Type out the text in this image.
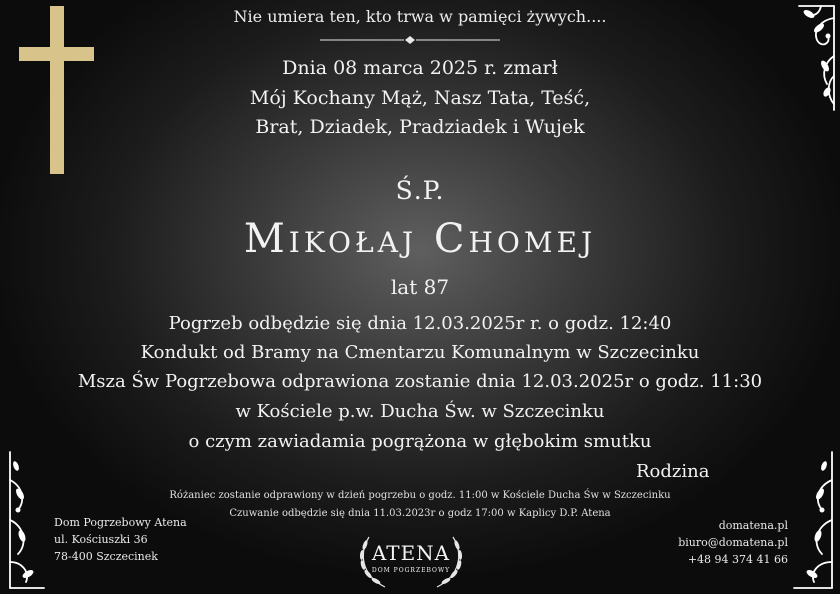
Nie umiera ten, kto trwa w pamięci żywych....
Dnia 08 marca 2025 r. zmarł
Mój Kochany Mąż, Nasz Tata, Teść,
Brat, Dziadek, Pradziadek i Wujek
Ś.P.
Mikołaj Chomej
lat 87
Pogrzeb odbędzie się dnia 12.03.2025r r. o godz. 12:40
Kondukt od Bramy na Cmentarzu Komunalnym w Szczecinku
Msza Św Pogrzebowa odprawiona zostanie dnia 12.03.2025r o godz. 11:30
w Kościele p.w. Ducha Św. w Szczecinku
o czym zawiadamia pogrążona w głębokim smutku
Rodzina
Różaniec zostanie odprawiony w dzień pogrzebu o godz. 11:00 w Kościele Ducha Św w Szczecinku
Czuwanie odbędzie się dnia 11.03.2023r o godz 17:00 w Kaplicy D.P. Atena
Dom Pogrzebowy Atena
ul. Kościuszki 36
78-400 Szczecinek
domatena.pl
biuro@domatena.pl
+48 94 374 41 66
ATENA
DOM POGRZEBOWY
